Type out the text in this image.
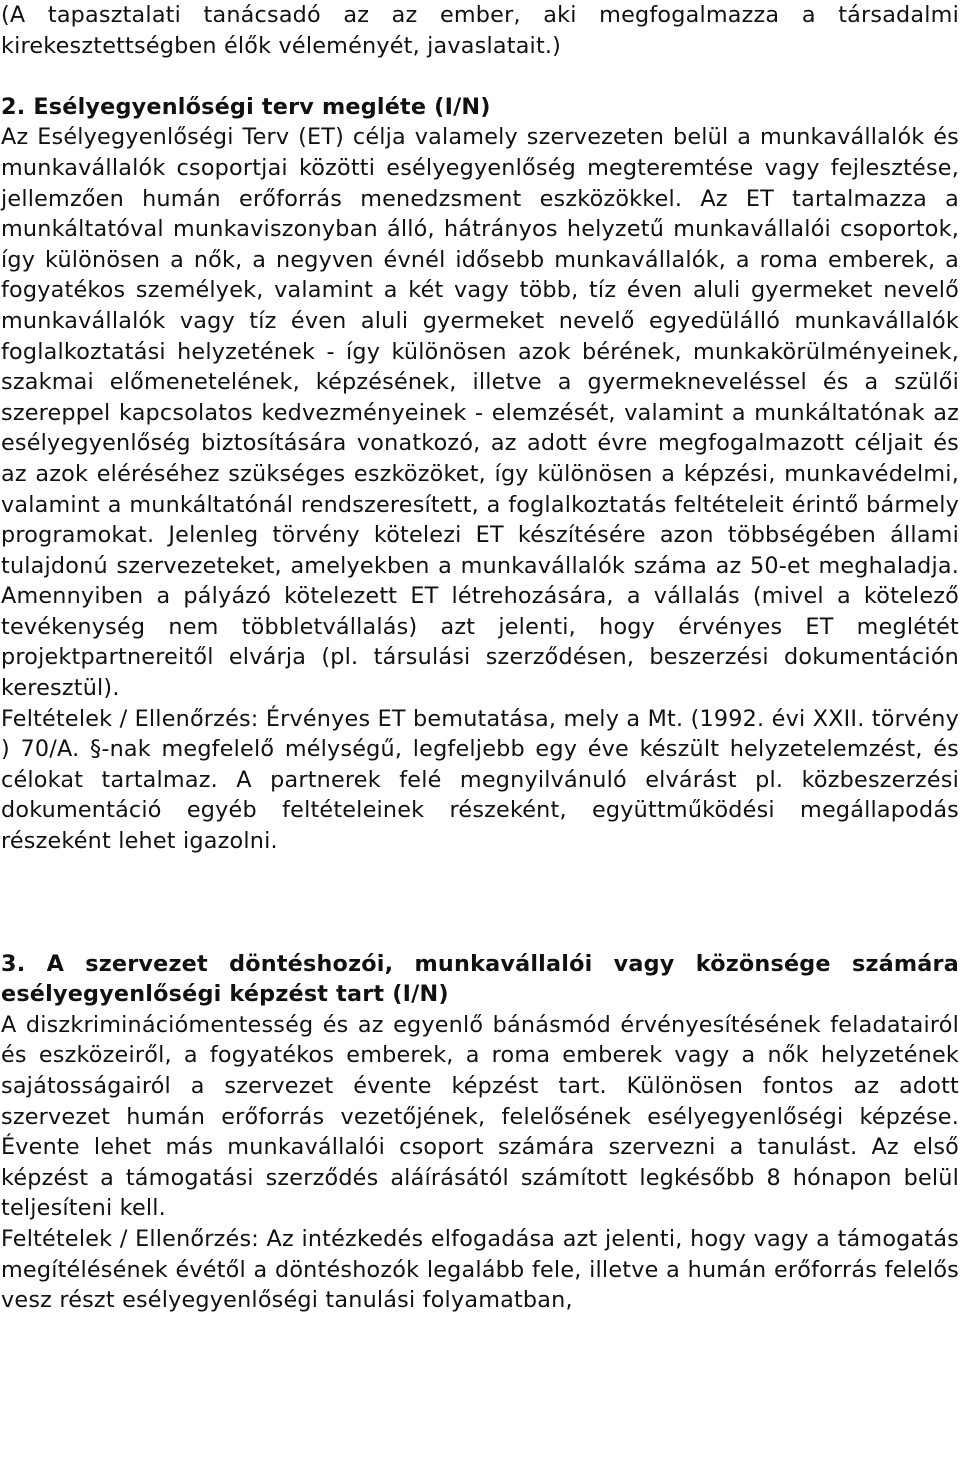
(A tapasztalati tanácsadó az az ember, aki megfogalmazza a társadalmi kirekesztettségben élők véleményét, javaslatait.)

2. Esélyegyenlőségi terv megléte (I/N)

Az Esélyegyenlőségi Terv (ET) célja valamely szervezeten belül a munkavállalók és munkavállalók csoportjai közötti esélyegyenlőség megteremtése vagy fejlesztése, jellemzően humán erőforrás menedzsment eszközökkel. Az ET tartalmazza a munkáltatóval munkaviszonyban álló, hátrányos helyzetű munkavállalói csoportok, így különösen a nők, a negyven évnél idősebb munkavállalók, a roma emberek, a fogyatékos személyek, valamint a két vagy több, tíz éven aluli gyermeket nevelő munkavállalók vagy tíz éven aluli gyermeket nevelő egyedülálló munkavállalók foglalkoztatási helyzetének - így különösen azok bérének, munkakörülményeinek, szakmai előmenetelének, képzésének, illetve a gyermekneveléssel és a szülői szereppel kapcsolatos kedvezményeinek - elemzését, valamint a munkáltatónak az esélyegyenlőség biztosítására vonatkozó, az adott évre megfogalmazott céljait és az azok eléréséhez szükséges eszközöket, így különösen a képzési, munkavédelmi, valamint a munkáltatónál rendszeresített, a foglalkoztatás feltételeit érintő bármely programokat. Jelenleg törvény kötelezi ET készítésére azon többségében állami tulajdonú szervezeteket, amelyekben a munkavállalók száma az 50-et meghaladja. Amennyiben a pályázó kötelezett ET létrehozására, a vállalás (mivel a kötelező tevékenység nem többletvállalás) azt jelenti, hogy érvényes ET meglétét projektpartnereitől elvárja (pl. társulási szerződésen, beszerzési dokumentáción keresztül).

Feltételek / Ellenőrzés: Érvényes ET bemutatása, mely a Mt. (1992. évi XXII. törvény ) 70/A. §-nak megfelelő mélységű, legfeljebb egy éve készült helyzetelemzést, és célokat tartalmaz. A partnerek felé megnyilvánuló elvárást pl. közbeszerzési dokumentáció egyéb feltételeinek részeként, együttműködési megállapodás részeként lehet igazolni.

3. A szervezet döntéshozói, munkavállalói vagy közönsége számára esélyegyenlőségi képzést tart (I/N)

A diszkriminációmentesség és az egyenlő bánásmód érvényesítésének feladatairól és eszközeiről, a fogyatékos emberek, a roma emberek vagy a nők helyzetének sajátosságairól a szervezet évente képzést tart. Különösen fontos az adott szervezet humán erőforrás vezetőjének, felelősének esélyegyenlőségi képzése. Évente lehet más munkavállalói csoport számára szervezni a tanulást. Az első képzést a támogatási szerződés aláírásától számított legkésőbb 8 hónapon belül teljesíteni kell.

Feltételek / Ellenőrzés: Az intézkedés elfogadása azt jelenti, hogy vagy a támogatás megítélésének évétől a döntéshozók legalább fele, illetve a humán erőforrás felelős vesz részt esélyegyenlőségi tanulási folyamatban,
